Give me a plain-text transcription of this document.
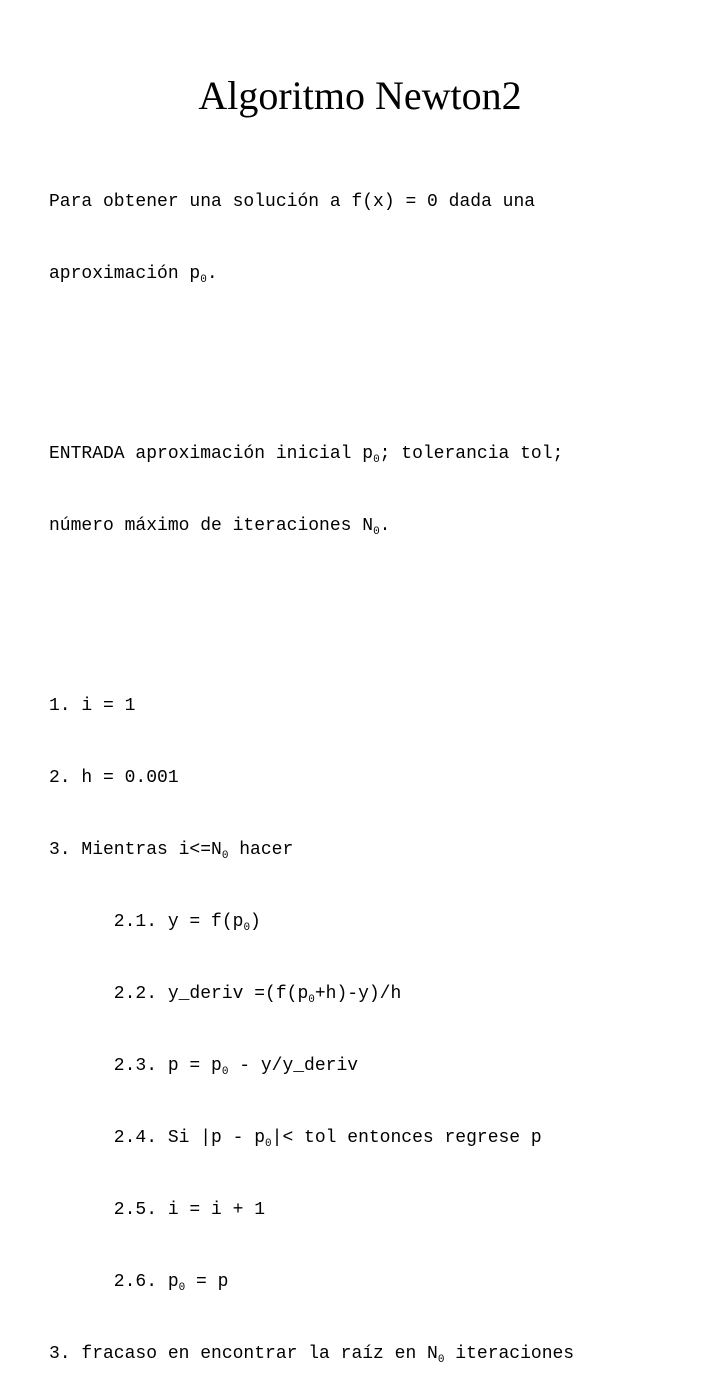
Algoritmo Newton2

Para obtener una solución a f(x) = 0 dada una

aproximación $p_0$.

ENTRADA aproximación inicial $p_0$; tolerancia tol;

número máximo de iteraciones $N_0$.

1. i = 1

2. h = 0.001

3. Mientras $i<=N_0$ hacer

2.1. $y = f(p_0)$

2.2. y_deriv $=(f(p_0+h)-y)/h$

2.3. $p = p_0$ - y/y_deriv

2.4. Si $|p - p_0|<$ tol entonces regrese p

2.5. i = i + 1

2.6. $p_0 = p$

3. fracaso en encontrar la raíz en $N_0$ iteraciones
